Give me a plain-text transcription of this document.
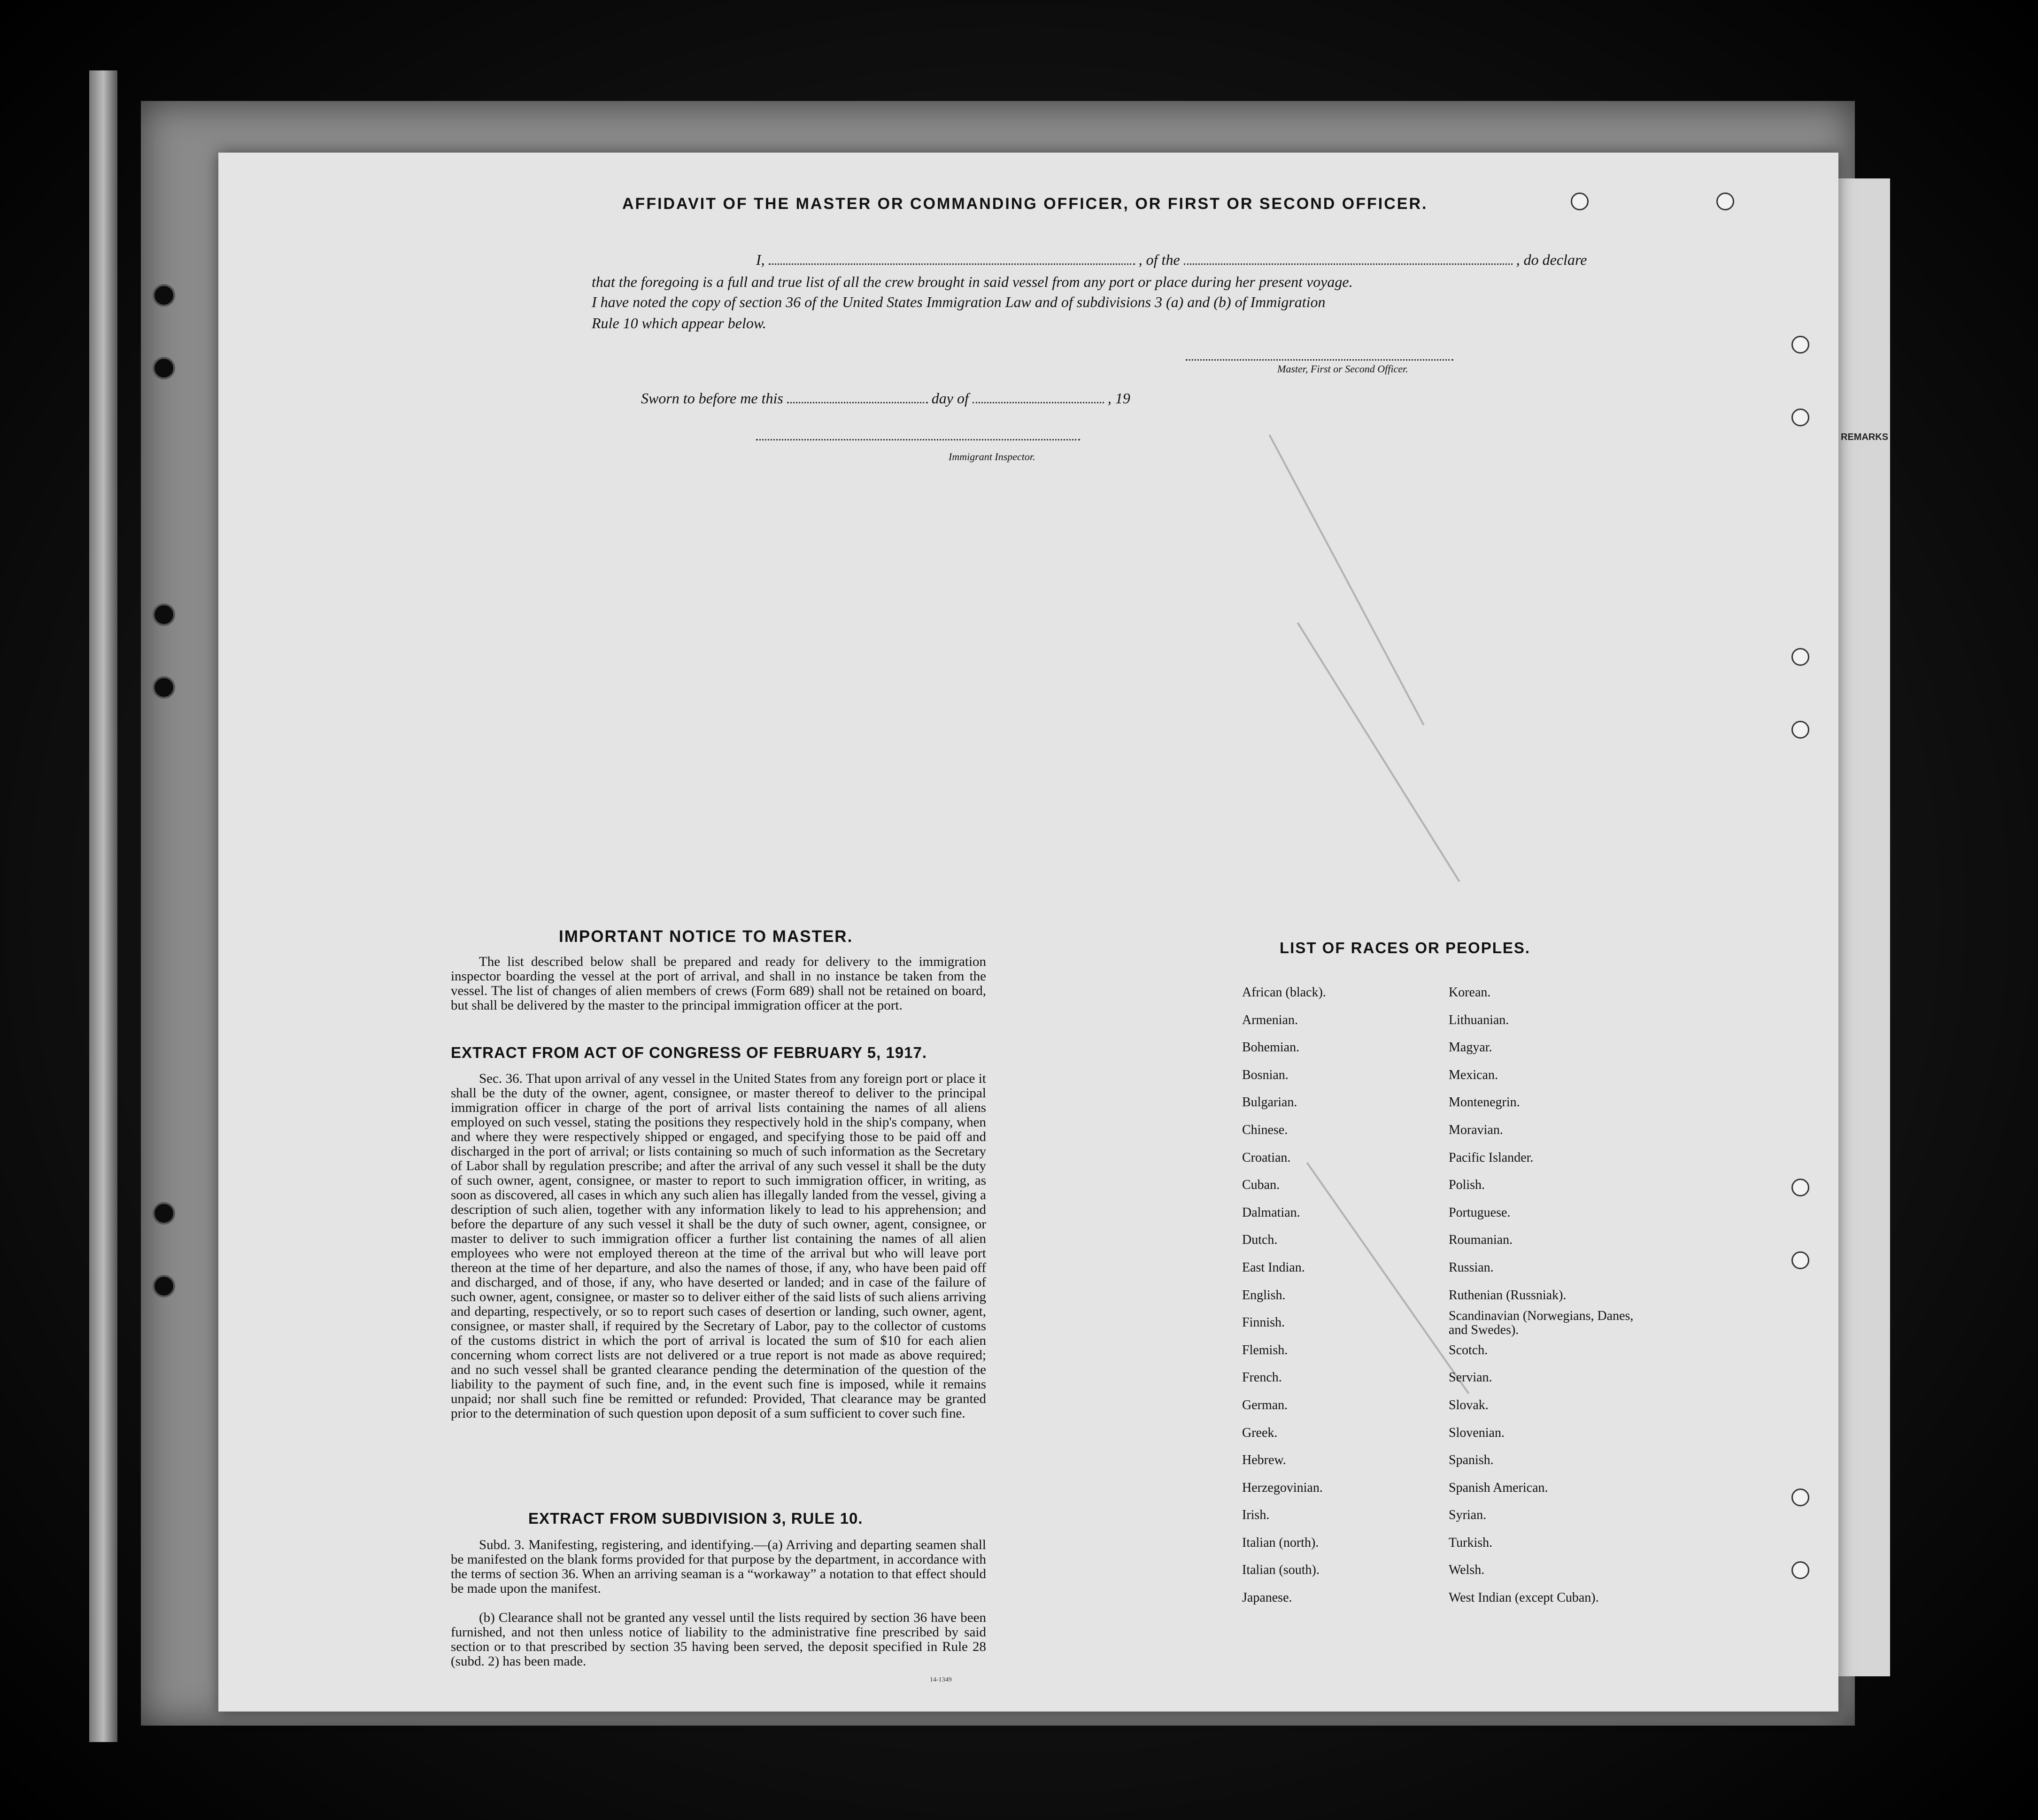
REMARKS
AFFIDAVIT OF THE MASTER OR COMMANDING OFFICER, OR FIRST OR SECOND OFFICER.
I,	, of the	, do declare
that the foregoing is a full and true list of all the crew brought in said vessel from any port or place during her present voyage.
I have noted the copy of section 36 of the United States Immigration Law and of subdivisions 3 (a) and (b) of Immigration
Rule 10 which appear below.
Master, First or Second Officer.
Sworn to before me this	day of	, 19
Immigrant Inspector.
IMPORTANT NOTICE TO MASTER.
The list described below shall be prepared and ready for delivery to the immigration inspector boarding the vessel at the port of arrival, and shall in no instance be taken from the vessel. The list of changes of alien members of crews (Form 689) shall not be retained on board, but shall be delivered by the master to the principal immigration officer at the port.
EXTRACT FROM ACT OF CONGRESS OF FEBRUARY 5, 1917.
Sec. 36. That upon arrival of any vessel in the United States from any foreign port or place it shall be the duty of the owner, agent, consignee, or master thereof to deliver to the principal immigration officer in charge of the port of arrival lists containing the names of all aliens employed on such vessel, stating the positions they respectively hold in the ship's company, when and where they were respectively shipped or engaged, and specifying those to be paid off and discharged in the port of arrival; or lists containing so much of such information as the Secretary of Labor shall by regulation prescribe; and after the arrival of any such vessel it shall be the duty of such owner, agent, consignee, or master to report to such immigration officer, in writing, as soon as discovered, all cases in which any such alien has illegally landed from the vessel, giving a description of such alien, together with any information likely to lead to his apprehension; and before the departure of any such vessel it shall be the duty of such owner, agent, consignee, or master to deliver to such immigration officer a further list containing the names of all alien employees who were not employed thereon at the time of the arrival but who will leave port thereon at the time of her departure, and also the names of those, if any, who have been paid off and discharged, and of those, if any, who have deserted or landed; and in case of the failure of such owner, agent, consignee, or master so to deliver either of the said lists of such aliens arriving and departing, respectively, or so to report such cases of desertion or landing, such owner, agent, consignee, or master shall, if required by the Secretary of Labor, pay to the collector of customs of the customs district in which the port of arrival is located the sum of $10 for each alien concerning whom correct lists are not delivered or a true report is not made as above required; and no such vessel shall be granted clearance pending the determination of the question of the liability to the payment of such fine, and, in the event such fine is imposed, while it remains unpaid; nor shall such fine be remitted or refunded: Provided, That clearance may be granted prior to the determination of such question upon deposit of a sum sufficient to cover such fine.
EXTRACT FROM SUBDIVISION 3, RULE 10.
Subd. 3. Manifesting, registering, and identifying.—(a) Arriving and departing seamen shall be manifested on the blank forms provided for that purpose by the department, in accordance with the terms of section 36. When an arriving seaman is a “workaway” a notation to that effect should be made upon the manifest.
(b) Clearance shall not be granted any vessel until the lists required by section 36 have been furnished, and not then unless notice of liability to the administrative fine prescribed by said section or to that prescribed by section 35 having been served, the deposit specified in Rule 28 (subd. 2) has been made.
14-1349
LIST OF RACES OR PEOPLES.
African (black).
Armenian.
Bohemian.
Bosnian.
Bulgarian.
Chinese.
Croatian.
Cuban.
Dalmatian.
Dutch.
East Indian.
English.
Finnish.
Flemish.
French.
German.
Greek.
Hebrew.
Herzegovinian.
Irish.
Italian (north).
Italian (south).
Japanese.
Korean.
Lithuanian.
Magyar.
Mexican.
Montenegrin.
Moravian.
Pacific Islander.
Polish.
Portuguese.
Roumanian.
Russian.
Ruthenian (Russniak).
Scandinavian (Norwegians, Danes, and Swedes).
Scotch.
Servian.
Slovak.
Slovenian.
Spanish.
Spanish American.
Syrian.
Turkish.
Welsh.
West Indian (except Cuban).
